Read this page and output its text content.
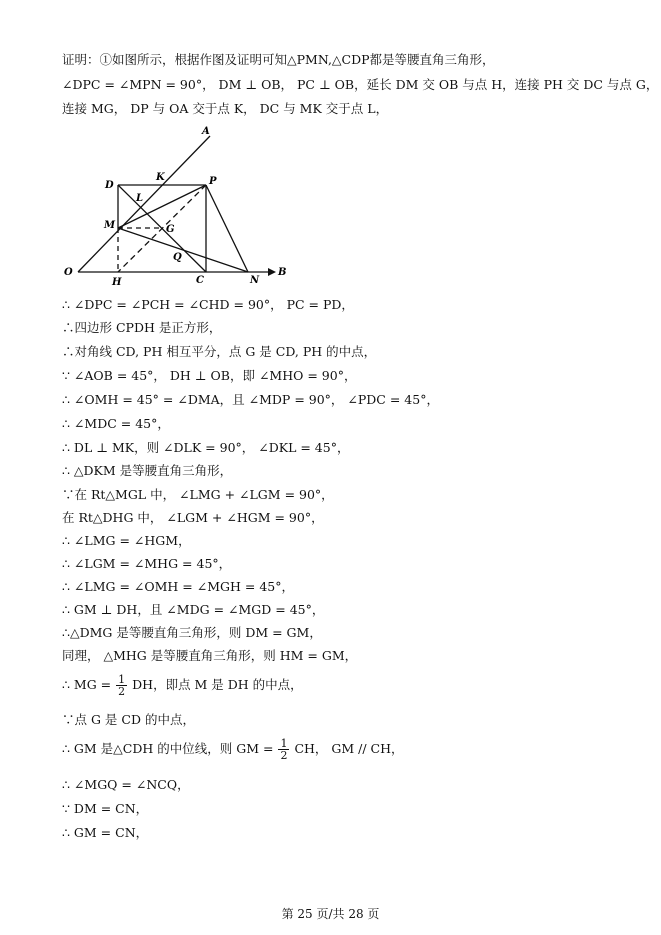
证明：①如图所示，根据作图及证明可知△PMN,△CDP都是等腰直角三角形，
∠DPC = ∠MPN = 90°， DM ⊥ OB， PC ⊥ OB，延长 DM 交 OB 与点 H，连接 PH 交 DC 与点 G，
连接 MG， DP 与 OA 交于点 K， DC 与 MK 交于点 L，
A
K
D	P
L
M	G
Q
O
H	C	N
B
∴ ∠DPC = ∠PCH = ∠CHD = 90°， PC = PD，
∴四边形 CPDH 是正方形，
∴对角线 CD, PH 相互平分，点 G 是 CD, PH 的中点，
∵ ∠AOB = 45°， DH ⊥ OB，即 ∠MHO = 90°，
∴ ∠OMH = 45° = ∠DMA，且 ∠MDP = 90°， ∠PDC = 45°，
∴ ∠MDC = 45°，
∴ DL ⊥ MK，则 ∠DLK = 90°， ∠DKL = 45°，
∴ △DKM 是等腰直角三角形，
∵在 Rt△MGL 中， ∠LMG + ∠LGM = 90°，
在 Rt△DHG 中， ∠LGM + ∠HGM = 90°，
∴ ∠LMG = ∠HGM，
∴ ∠LGM = ∠MHG = 45°，
∴ ∠LMG = ∠OMH = ∠MGH = 45°，
∴ GM ⊥ DH，且 ∠MDG = ∠MGD = 45°，
∴△DMG 是等腰直角三角形，则 DM = GM，
同理， △MHG 是等腰直角三角形，则 HM = GM，
∴ MG = $\frac{1}{2}$ DH，即点 M 是 DH 的中点，
∵点 G 是 CD 的中点，
∴ GM 是△CDH 的中位线，则 GM = $\frac{1}{2}$ CH， GM // CH，
∴ ∠MGQ = ∠NCQ，
∵ DM = CN，
∴ GM = CN，
第 25 页/共 28 页
